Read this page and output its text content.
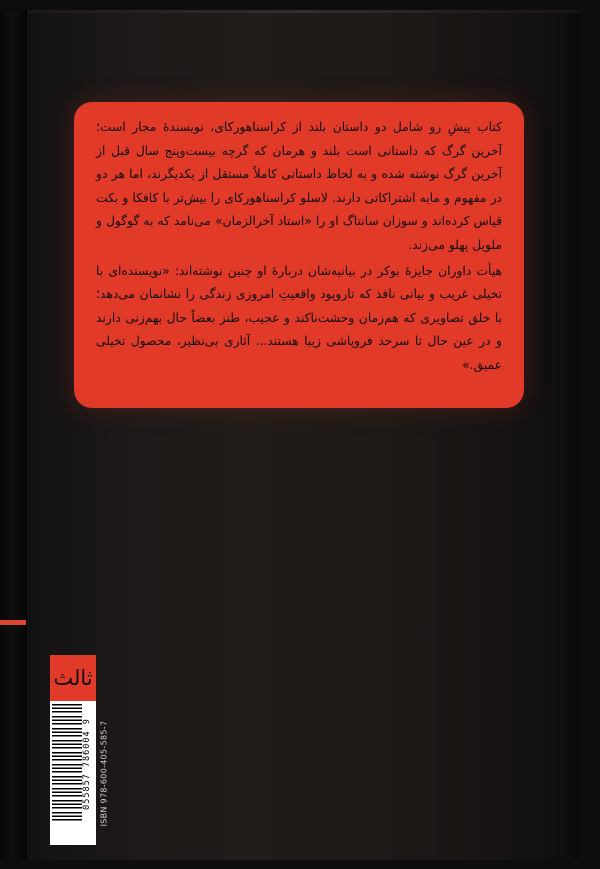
کتاب پیشِ رو شامل دو داستان بلند از کراسناهورکای، نویسندهٔ مجار است؛ آخرین گرگ که داستانی است بلند و هرمان که گرچه بیست‌وپنج سال قبل از آخرین گرگ نوشته شده و به لحاظ داستانی کاملاً مستقل از یکدیگرند، اما هر دو در مفهوم و مایه اشتراکاتی دارند. لاسلو کراسناهورکای را بیش‌تر با کافکا و بکت قیاس کرده‌اند و سوزان سانتاگ او را «استاد آخرالزمان» می‌نامد که به گوگول و ملویل پهلو می‌زند.

هیأت داوران جایزهٔ بوکر در بیانیه‌شان دربارهٔ او چنین نوشته‌اند: «نویسنده‌ای با تخیلی غریب و بیانی نافذ که تاروپود واقعیتِ امروزی زندگی را نشانمان می‌دهد؛ با خلق تصاویری که هم‌زمان وحشت‌ناکند و عجیب، طنز بعضاً حال بهم‌زنی دارند و در عین حال تا سرحد فروپاشی زیبا هستند... آثاری بی‌نظیر، محصول تخیلی عمیق.»

ثالث
9 786004 055857 ISBN 978-600-405-585-7
